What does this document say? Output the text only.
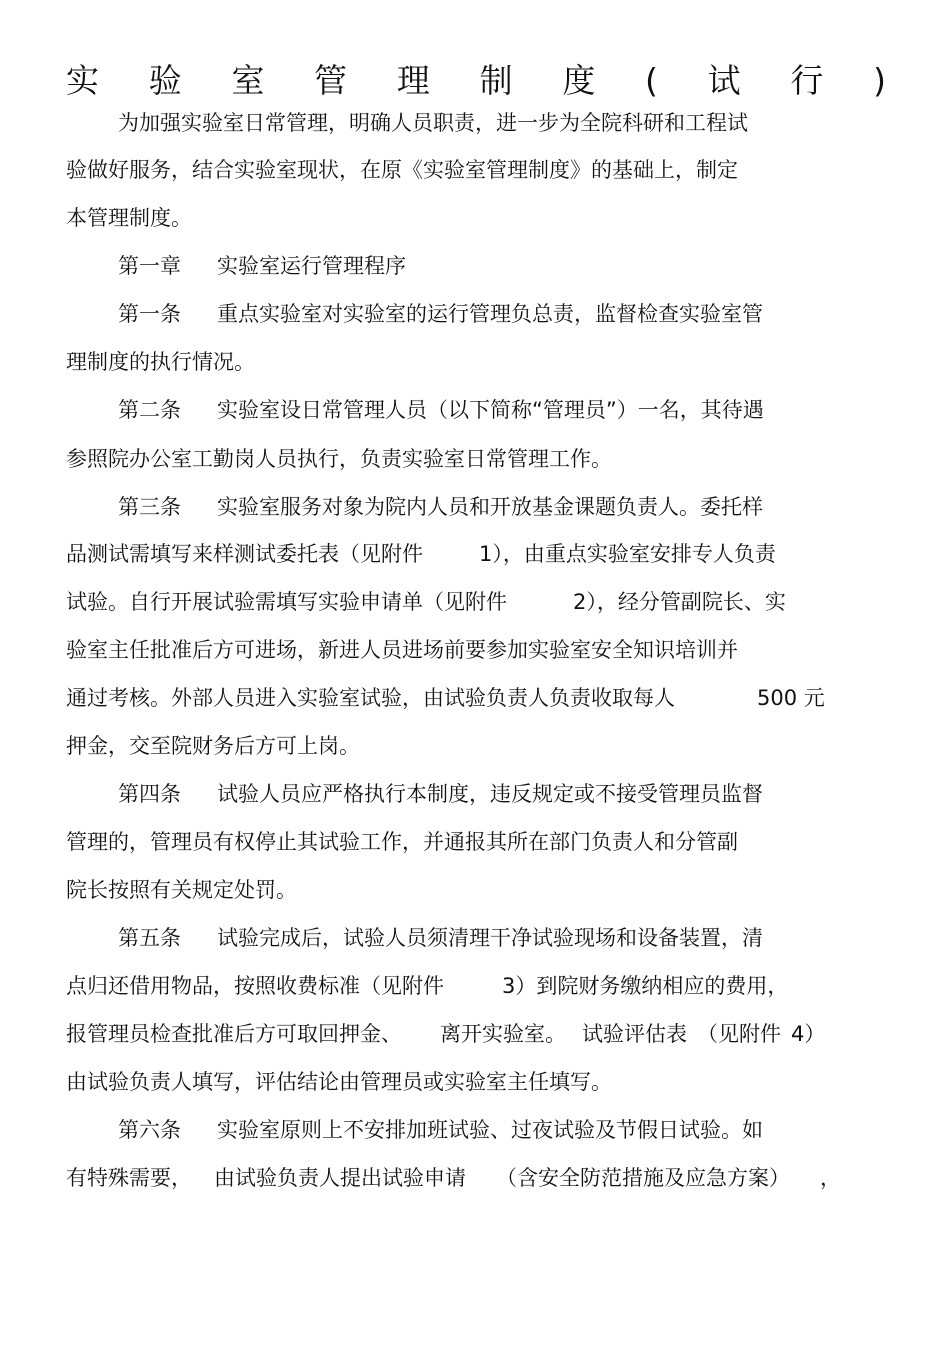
实 验 室 管 理 制 度 ( 试 行 )
为加强实验室日常管理，明确人员职责，进一步为全院科研和工程试
验做好服务，结合实验室现状，在原《实验室管理制度》的基础上，制定
本管理制度。
第一章 实验室运行管理程序
第一条 重点实验室对实验室的运行管理负总责，监督检查实验室管
理制度的执行情况。
第二条 实验室设日常管理人员（以下简称“管理员”）一名，其待遇
参照院办公室工勤岗人员执行，负责实验室日常管理工作。
第三条 实验室服务对象为院内人员和开放基金课题负责人。委托样
品测试需填写来样测试委托表（见附件	1），由重点实验室安排专人负责
试验。自行开展试验需填写实验申请单（见附件	2），经分管副院长、实
验室主任批准后方可进场，新进人员进场前要参加实验室安全知识培训并
通过考核。外部人员进入实验室试验，由试验负责人负责收取每人	500 元
押金，交至院财务后方可上岗。
第四条 试验人员应严格执行本制度，违反规定或不接受管理员监督
管理的，管理员有权停止其试验工作，并通报其所在部门负责人和分管副
院长按照有关规定处罚。
第五条 试验完成后，试验人员须清理干净试验现场和设备装置，清
点归还借用物品，按照收费标准（见附件	3）到院财务缴纳相应的费用，
报管理员检查批准后方可取回押金、 离开实验室。 试验评估表 （见附件 4）
由试验负责人填写，评估结论由管理员或实验室主任填写。
第六条 实验室原则上不安排加班试验、过夜试验及节假日试验。如
有特殊需要， 由试验负责人提出试验申请 （含安全防范措施及应急方案） ，
